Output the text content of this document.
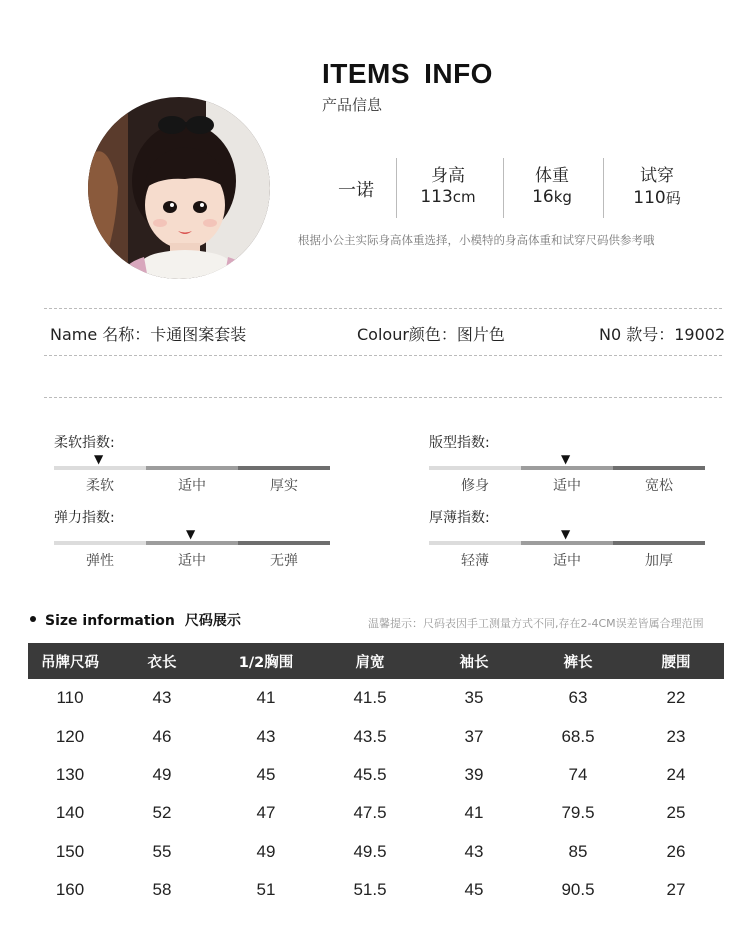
ITEMS INFO
产品信息
一诺
身高
113cm
体重
16kg
试穿
110码
根据小公主实际身高体重选择，小模特的身高体重和试穿尺码供参考哦
Name 名称：卡通图案套装	Colour颜色：图片色	N0 款号：19002
柔软指数:
▼
柔软	适中	厚实
版型指数:
▼
修身	适中	宽松
弹力指数:
▼
弹性	适中	无弹
厚薄指数:
▼
轻薄	适中	加厚
Size information 尺码展示	温馨提示：尺码表因手工测量方式不同,存在2-4CM误差皆属合理范围
吊牌尺码	衣长	1/2胸围	肩宽	袖长	裤长	腰围
110	43	41	41.5	35	63	22
120	46	43	43.5	37	68.5	23
130	49	45	45.5	39	74	24
140	52	47	47.5	41	79.5	25
150	55	49	49.5	43	85	26
160	58	51	51.5	45	90.5	27
